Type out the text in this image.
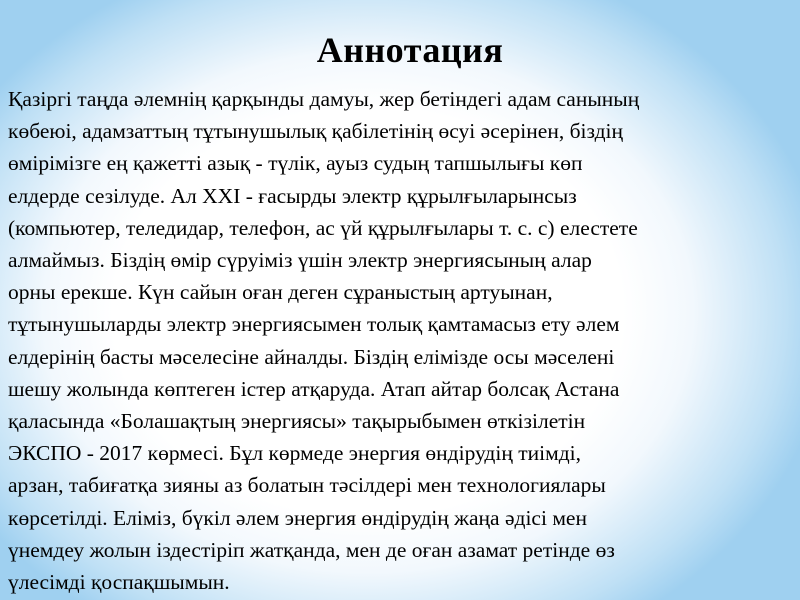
Аннотация
Қазіргі таңда әлемнің қарқынды дамуы, жер бетіндегі адам санының
көбеюі, адамзаттың тұтынушылық қабілетінің өсуі әсерінен, біздің
өмірімізге ең қажетті азық - түлік, ауыз судың тапшылығы көп
елдерде сезілуде. Ал XXI - ғасырды электр құрылғыларынсыз
(компьютер, теледидар, телефон, ас үй құрылғылары т. с. с) елестете
алмаймыз. Біздің өмір сүруіміз үшін электр энергиясының алар
орны ерекше. Күн сайын оған деген сұраныстың артуынан,
тұтынушыларды электр энергиясымен толық қамтамасыз ету әлем
елдерінің басты мәселесіне айналды. Біздің елімізде осы мәселені
шешу жолында көптеген істер атқаруда. Атап айтар болсақ Астана
қаласында «Болашақтың энергиясы» тақырыбымен өткізілетін
ЭКСПО - 2017 көрмесі. Бұл көрмеде энергия өндірудің тиімді,
арзан, табиғатқа зияны аз болатын тәсілдері мен технологиялары
көрсетілді. Еліміз, бүкіл әлем энергия өндірудің жаңа әдісі мен
үнемдеу жолын іздестіріп жатқанда, мен де оған азамат ретінде өз
үлесімді қоспақшымын.
